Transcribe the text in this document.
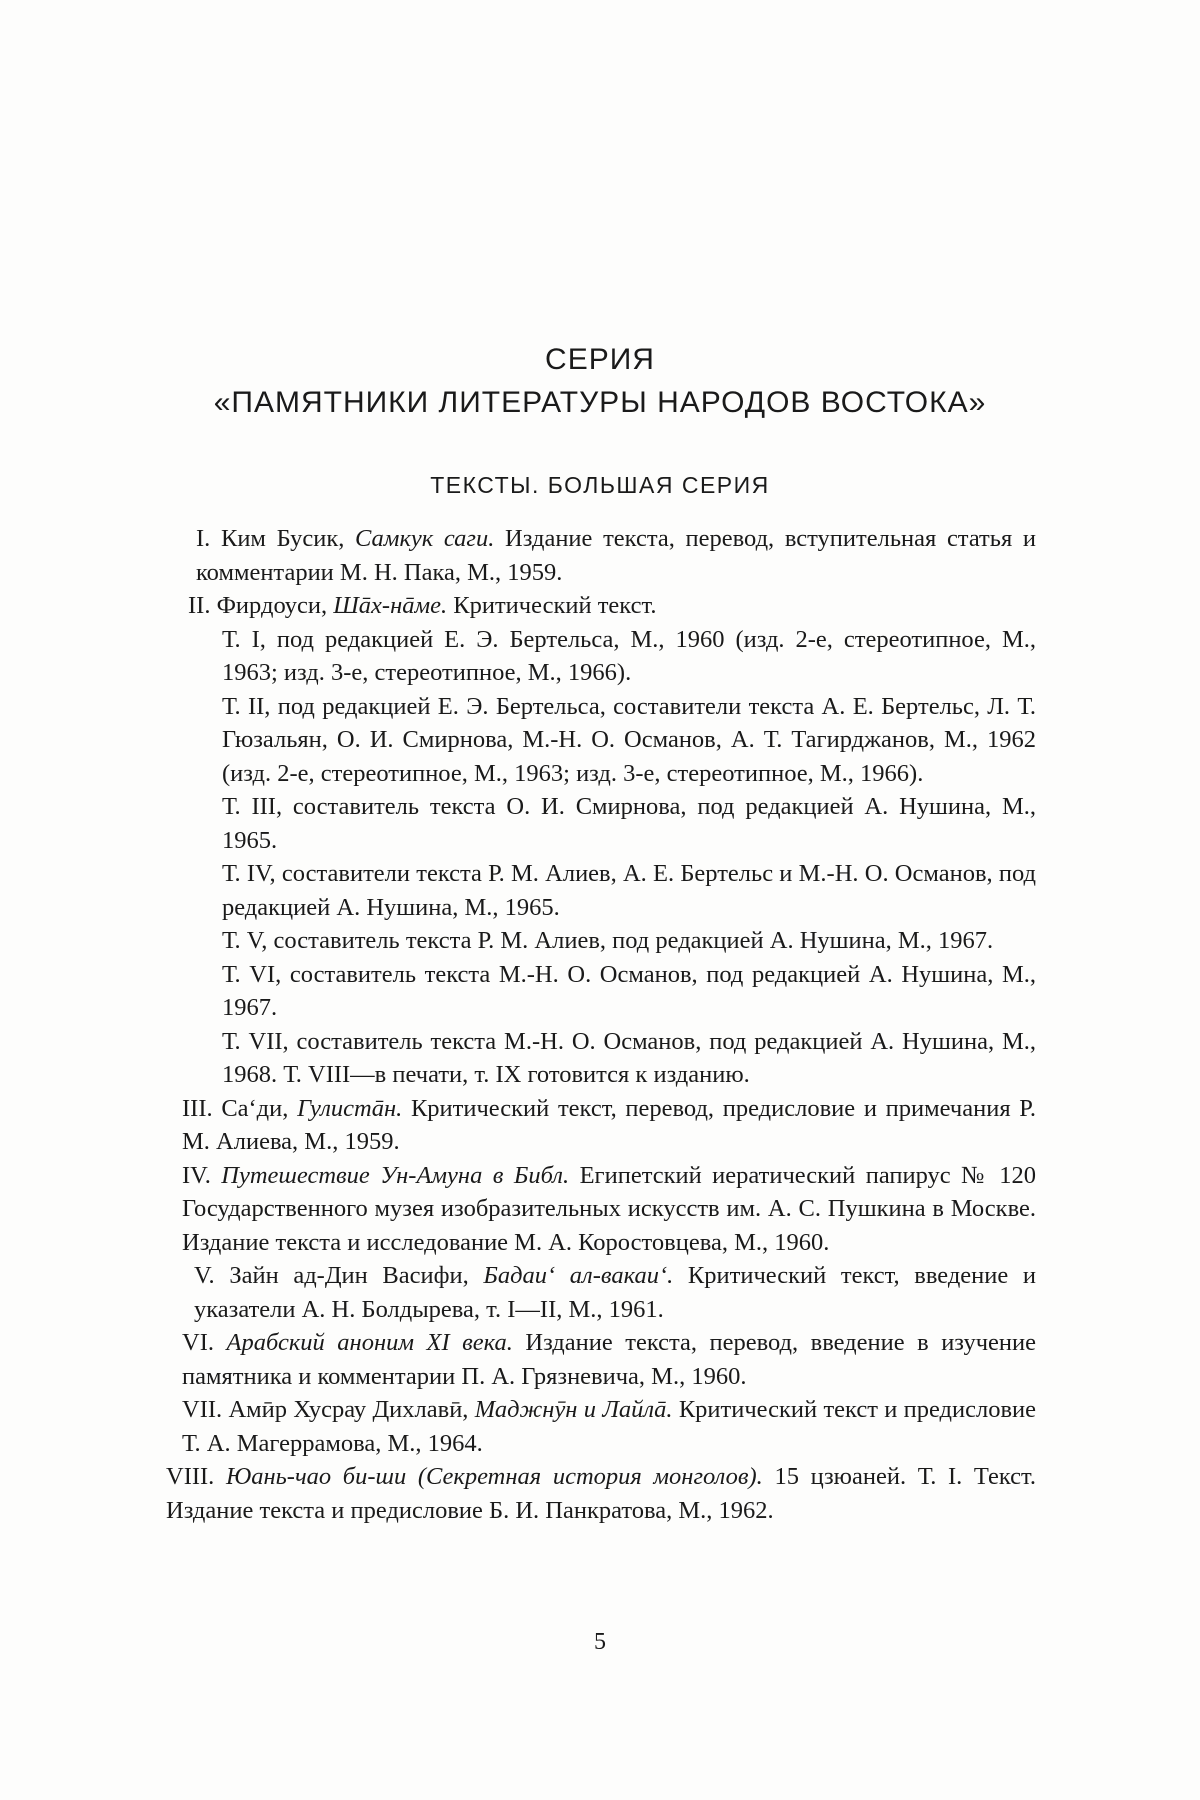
СЕРИЯ
«ПАМЯТНИКИ ЛИТЕРАТУРЫ НАРОДОВ ВОСТОКА»
ТЕКСТЫ. БОЛЬШАЯ СЕРИЯ
I. Ким Бусик, Самкук саги. Издание текста, перевод, вступительная статья и комментарии М. Н. Пака, М., 1959.
II. Фирдоуси, Шāх-нāме. Критический текст.
Т. I, под редакцией Е. Э. Бертельса, М., 1960 (изд. 2-е, стереотипное, М., 1963; изд. 3-е, стереотипное, М., 1966).
Т. II, под редакцией Е. Э. Бертельса, составители текста А. Е. Бертельс, Л. Т. Гюзальян, О. И. Смирнова, М.-Н. О. Османов, А. Т. Тагирджанов, М., 1962 (изд. 2-е, стереотипное, М., 1963; изд. 3-е, стереотипное, М., 1966).
Т. III, составитель текста О. И. Смирнова, под редакцией А. Нушина, М., 1965.
Т. IV, составители текста Р. М. Алиев, А. Е. Бертельс и М.-Н. О. Османов, под редакцией А. Нушина, М., 1965.
Т. V, составитель текста Р. М. Алиев, под редакцией А. Нушина, М., 1967.
Т. VI, составитель текста М.-Н. О. Османов, под редакцией А. Нушина, М., 1967.
Т. VII, составитель текста М.-Н. О. Османов, под редакцией А. Нушина, М., 1968. Т. VIII—в печати, т. IX готовится к изданию.
III. Са‘ди, Гулистāн. Критический текст, перевод, предисловие и примечания Р. М. Алиева, М., 1959.
IV. Путешествие Ун-Амуна в Библ. Египетский иератический папирус № 120 Государственного музея изобразительных искусств им. А. С. Пушкина в Москве. Издание текста и исследование М. А. Коростовцева, М., 1960.
V. Зайн ад-Дин Васифи, Бадаи‘ ал-вакаи‘. Критический текст, введение и указатели А. Н. Болдырева, т. I—II, М., 1961.
VI. Арабский аноним XI века. Издание текста, перевод, введение в изучение памятника и комментарии П. А. Грязневича, М., 1960.
VII. Амӣр Хусрау Дихлавӣ, Маджнӯн и Лайлā. Критический текст и предисловие Т. А. Магеррамова, М., 1964.
VIII. Юань-чао би-ши (Секретная история монголов). 15 цзюаней. Т. I. Текст. Издание текста и предисловие Б. И. Панкратова, М., 1962.
5
